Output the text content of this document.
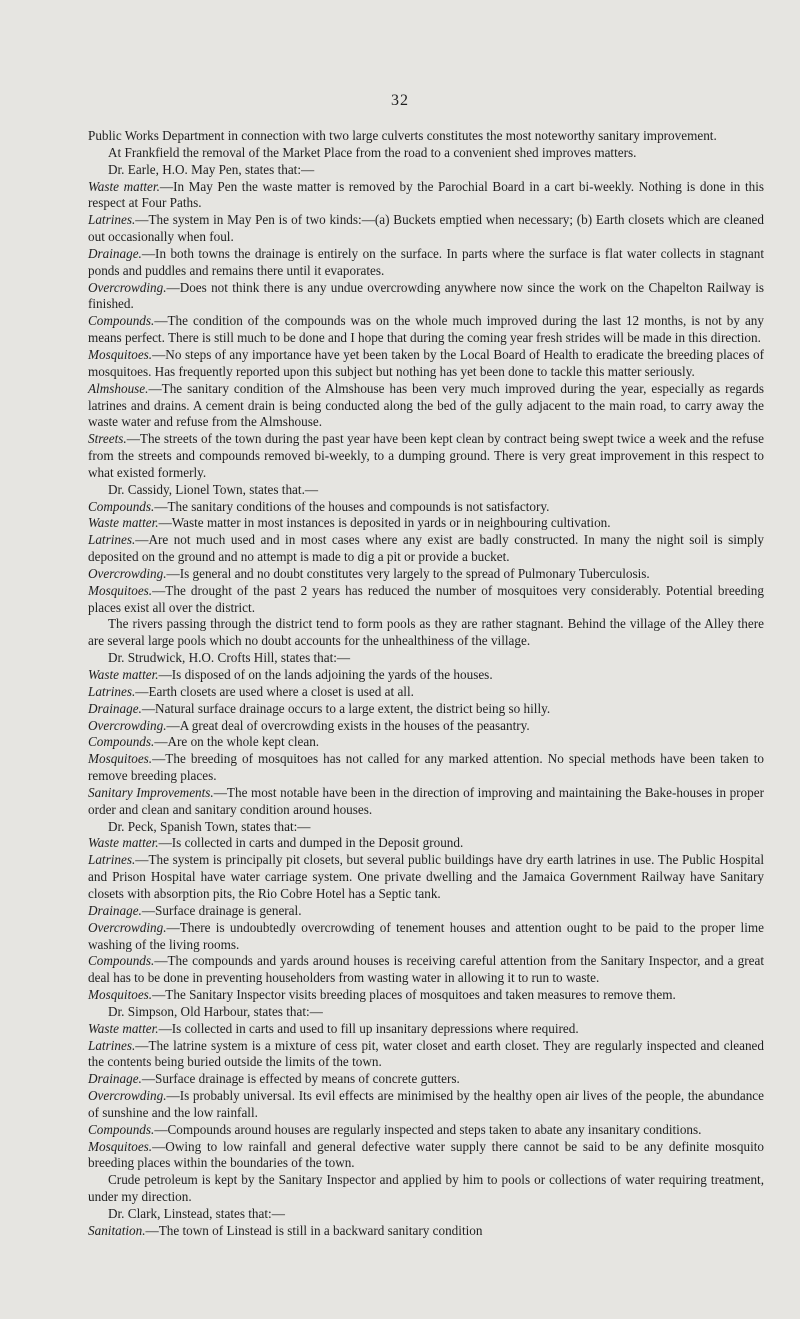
32

Public Works Department in connection with two large culverts constitutes the most noteworthy sanitary improvement.

At Frankfield the removal of the Market Place from the road to a convenient shed improves matters.

Dr. Earle, H.O. May Pen, states that:—

Waste matter.—In May Pen the waste matter is removed by the Parochial Board in a cart bi-weekly. Nothing is done in this respect at Four Paths.

Latrines.—The system in May Pen is of two kinds:—(a) Buckets emptied when necessary; (b) Earth closets which are cleaned out occasionally when foul.

Drainage.—In both towns the drainage is entirely on the surface. In parts where the surface is flat water collects in stagnant ponds and puddles and remains there until it evaporates.

Overcrowding.—Does not think there is any undue overcrowding anywhere now since the work on the Chapelton Railway is finished.

Compounds.—The condition of the compounds was on the whole much improved during the last 12 months, is not by any means perfect. There is still much to be done and I hope that during the coming year fresh strides will be made in this direction.

Mosquitoes.—No steps of any importance have yet been taken by the Local Board of Health to eradicate the breeding places of mosquitoes. Has frequently reported upon this subject but nothing has yet been done to tackle this matter seriously.

Almshouse.—The sanitary condition of the Almshouse has been very much improved during the year, especially as regards latrines and drains. A cement drain is being conducted along the bed of the gully adjacent to the main road, to carry away the waste water and refuse from the Almshouse.

Streets.—The streets of the town during the past year have been kept clean by contract being swept twice a week and the refuse from the streets and compounds removed bi-weekly, to a dumping ground. There is very great improvement in this respect to what existed formerly.

Dr. Cassidy, Lionel Town, states that.—

Compounds.—The sanitary conditions of the houses and compounds is not satisfactory.

Waste matter.—Waste matter in most instances is deposited in yards or in neighbouring cultivation.

Latrines.—Are not much used and in most cases where any exist are badly constructed. In many the night soil is simply deposited on the ground and no attempt is made to dig a pit or provide a bucket.

Overcrowding.—Is general and no doubt constitutes very largely to the spread of Pulmonary Tuberculosis.

Mosquitoes.—The drought of the past 2 years has reduced the number of mosquitoes very considerably. Potential breeding places exist all over the district.

The rivers passing through the district tend to form pools as they are rather stagnant. Behind the village of the Alley there are several large pools which no doubt accounts for the unhealthiness of the village.

Dr. Strudwick, H.O. Crofts Hill, states that:—

Waste matter.—Is disposed of on the lands adjoining the yards of the houses.

Latrines.—Earth closets are used where a closet is used at all.

Drainage.—Natural surface drainage occurs to a large extent, the district being so hilly.

Overcrowding.—A great deal of overcrowding exists in the houses of the peasantry.

Compounds.—Are on the whole kept clean.

Mosquitoes.—The breeding of mosquitoes has not called for any marked attention. No special methods have been taken to remove breeding places.

Sanitary Improvements.—The most notable have been in the direction of improving and maintaining the Bake-houses in proper order and clean and sanitary condition around houses.

Dr. Peck, Spanish Town, states that:—

Waste matter.—Is collected in carts and dumped in the Deposit ground.

Latrines.—The system is principally pit closets, but several public buildings have dry earth latrines in use. The Public Hospital and Prison Hospital have water carriage system. One private dwelling and the Jamaica Government Railway have Sanitary closets with absorption pits, the Rio Cobre Hotel has a Septic tank.

Drainage.—Surface drainage is general.

Overcrowding.—There is undoubtedly overcrowding of tenement houses and attention ought to be paid to the proper lime washing of the living rooms.

Compounds.—The compounds and yards around houses is receiving careful attention from the Sanitary Inspector, and a great deal has to be done in preventing householders from wasting water in allowing it to run to waste.

Mosquitoes.—The Sanitary Inspector visits breeding places of mosquitoes and taken measures to remove them.

Dr. Simpson, Old Harbour, states that:—

Waste matter.—Is collected in carts and used to fill up insanitary depressions where required.

Latrines.—The latrine system is a mixture of cess pit, water closet and earth closet. They are regularly inspected and cleaned the contents being buried outside the limits of the town.

Drainage.—Surface drainage is effected by means of concrete gutters.

Overcrowding.—Is probably universal. Its evil effects are minimised by the healthy open air lives of the people, the abundance of sunshine and the low rainfall.

Compounds.—Compounds around houses are regularly inspected and steps taken to abate any insanitary conditions.

Mosquitoes.—Owing to low rainfall and general defective water supply there cannot be said to be any definite mosquito breeding places within the boundaries of the town.

Crude petroleum is kept by the Sanitary Inspector and applied by him to pools or collections of water requiring treatment, under my direction.

Dr. Clark, Linstead, states that:—

Sanitation.—The town of Linstead is still in a backward sanitary condition
